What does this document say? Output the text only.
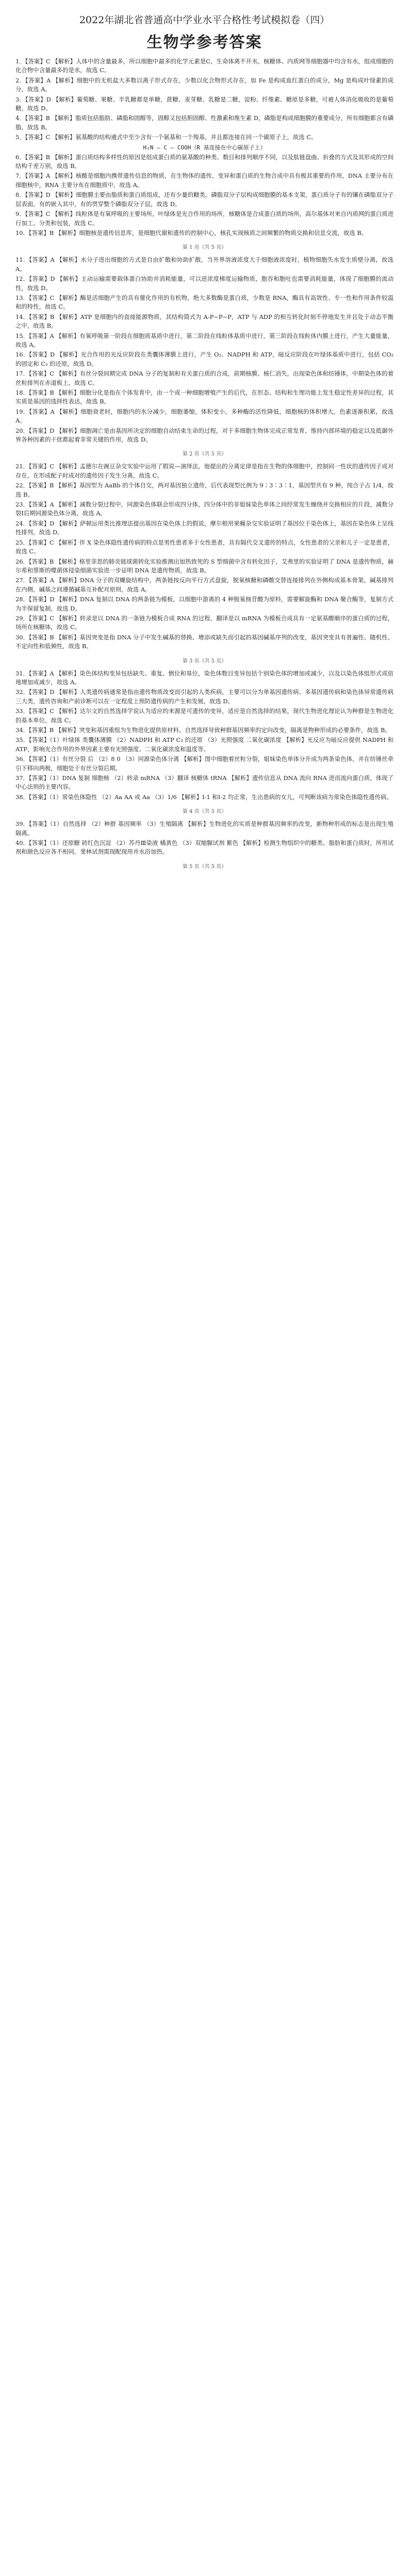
2022年湖北省普通高中学业水平合格性考试模拟卷（四）
生物学参考答案

1．【答案】C 【解析】人体中的含量最多，所以细胞中最多的化学元素是C，生命体离不开水，核糖体、内质网等细胞器中均含有水，组成细胞的化合物中含量最多的是水，故选 C。

2．【答案】A 【解析】细胞中的无机盐大多数以离子形式存在，少数以化合物形式存在，如 Fe 是构成血红蛋白的成分，Mg 是构成叶绿素的成分，故选 A。

3．【答案】D 【解析】葡萄糖、果糖、半乳糖都是单糖，蔗糖、麦芽糖、乳糖是二糖，淀粉、纤维素、糖原是多糖，可被人体消化吸收的是葡萄糖，故选 D。

4．【答案】B 【解析】脂质包括脂肪、磷脂和固醇等，固醇又包括胆固醇、性激素和维生素 D，磷脂是构成细胞膜的重要成分，所有细胞都含有磷脂，故选 B。

5．【答案】C 【解析】氨基酸的结构通式中至少含有一个氨基和一个羧基，并且都连接在同一个碳原子上，故选 C。

H₂N — C — COOH（R 基连接在中心碳原子上）

6．【答案】B 【解析】蛋白质结构多样性的原因是组成蛋白质的氨基酸的种类、数目和排列顺序不同，以及肽链盘曲、折叠的方式及其形成的空间结构千差万别，故选 B。

7．【答案】A 【解析】核酸是细胞内携带遗传信息的物质，在生物体的遗传、变异和蛋白质的生物合成中具有极其重要的作用，DNA 主要分布在细胞核中，RNA 主要分布在细胞质中，故选 A。

8．【答案】D 【解析】细胞膜主要由脂质和蛋白质组成，还有少量的糖类，磷脂双分子层构成细胞膜的基本支架，蛋白质分子有的镶在磷脂双分子层表面，有的嵌入其中，有的贯穿整个磷脂双分子层，故选 D。

9．【答案】C 【解析】线粒体是有氧呼吸的主要场所，叶绿体是光合作用的场所，核糖体是合成蛋白质的场所，高尔基体对来自内质网的蛋白质进行加工、分类和包装，故选 C。

10．【答案】B 【解析】细胞核是遗传信息库，是细胞代谢和遗传的控制中心，核孔实现核质之间频繁的物质交换和信息交流，故选 B。

第 1 页（共 5 页）

11．【答案】A 【解析】水分子进出细胞的方式是自由扩散和协助扩散，当外界溶液浓度大于细胞液浓度时，植物细胞失水发生质壁分离，故选 A。

12．【答案】D 【解析】主动运输需要载体蛋白协助并消耗能量，可以逆浓度梯度运输物质，胞吞和胞吐也需要消耗能量，体现了细胞膜的流动性，故选 D。

13．【答案】C 【解析】酶是活细胞产生的具有催化作用的有机物，绝大多数酶是蛋白质，少数是 RNA，酶具有高效性、专一性和作用条件较温和的特性，故选 C。

14．【答案】B 【解析】ATP 是细胞内的直接能源物质，其结构简式为 A-P~P~P，ATP 与 ADP 的相互转化时刻不停地发生并且处于动态平衡之中，故选 B。

15．【答案】A 【解析】有氧呼吸第一阶段在细胞质基质中进行，第二阶段在线粒体基质中进行，第三阶段在线粒体内膜上进行，产生大量能量，故选 A。

16．【答案】D 【解析】光合作用的光反应阶段在类囊体薄膜上进行，产生 O₂、NADPH 和 ATP，暗反应阶段在叶绿体基质中进行，包括 CO₂ 的固定和 C₃ 的还原，故选 D。

17．【答案】C 【解析】有丝分裂间期完成 DNA 分子的复制和有关蛋白质的合成，前期核膜、核仁消失，出现染色体和纺锤体，中期染色体的着丝粒排列在赤道板上，故选 C。

18．【答案】B 【解析】细胞分化是指在个体发育中，由一个或一种细胞增殖产生的后代，在形态、结构和生理功能上发生稳定性差异的过程，其实质是基因的选择性表达，故选 B。

19．【答案】A 【解析】细胞衰老时，细胞内的水分减少，细胞萎缩，体积变小，多种酶的活性降低，细胞核的体积增大，色素逐渐积累，故选 A。

20．【答案】D 【解析】细胞凋亡是由基因所决定的细胞自动结束生命的过程，对于多细胞生物体完成正常发育、维持内部环境的稳定以及抵御外界各种因素的干扰都起着非常关键的作用，故选 D。

第 2 页（共 5 页）

21．【答案】C 【解析】孟德尔在豌豆杂交实验中运用了假说—演绎法，他提出的分离定律是指在生物的体细胞中，控制同一性状的遗传因子成对存在，在形成配子时成对的遗传因子发生分离，故选 C。

22．【答案】B 【解析】基因型为 AaBb 的个体自交，两对基因独立遗传，后代表现型比例为 9∶3∶3∶1，基因型共有 9 种，纯合子占 1/4，故选 B。

23．【答案】A 【解析】减数分裂过程中，同源染色体联会形成四分体，四分体中的非姐妹染色单体之间经常发生缠绕并交换相应的片段，减数分裂Ⅰ后期同源染色体分离，故选 A。

24．【答案】D 【解析】萨顿运用类比推理法提出基因在染色体上的假说，摩尔根用果蝇杂交实验证明了基因位于染色体上，基因在染色体上呈线性排列，故选 D。

25．【答案】C 【解析】伴 X 染色体隐性遗传病的特点是男性患者多于女性患者，具有隔代交叉遗传的特点，女性患者的父亲和儿子一定是患者，故选 C。

26．【答案】B 【解析】格里菲思的肺炎链球菌转化实验推测出加热致死的 S 型细菌中含有转化因子，艾弗里的实验证明了 DNA 是遗传物质，赫尔希和蔡斯的噬菌体侵染细菌实验进一步证明 DNA 是遗传物质，故选 B。

27．【答案】A 【解析】DNA 分子的双螺旋结构中，两条链按反向平行方式盘旋，脱氧核糖和磷酸交替连接排列在外侧构成基本骨架，碱基排列在内侧，碱基之间遵循碱基互补配对原则，故选 A。

28．【答案】D 【解析】DNA 复制以 DNA 的两条链为模板，以细胞中游离的 4 种脱氧核苷酸为原料，需要解旋酶和 DNA 聚合酶等，复制方式为半保留复制，故选 D。

29．【答案】C 【解析】转录是以 DNA 的一条链为模板合成 RNA 的过程，翻译是以 mRNA 为模板合成具有一定氨基酸顺序的蛋白质的过程，场所在核糖体，故选 C。

30．【答案】B 【解析】基因突变是指 DNA 分子中发生碱基的替换、增添或缺失而引起的基因碱基序列的改变，基因突变具有普遍性、随机性、不定向性和低频性，故选 B。

第 3 页（共 5 页）

31．【答案】A 【解析】染色体结构变异包括缺失、重复、倒位和易位，染色体数目变异包括个别染色体的增加或减少，以及以染色体组形式成倍地增加或减少，故选 A。

32．【答案】D 【解析】人类遗传病通常是指由遗传物质改变而引起的人类疾病，主要可以分为单基因遗传病、多基因遗传病和染色体异常遗传病三大类，遗传咨询和产前诊断可以在一定程度上预防遗传病的产生和发展，故选 D。

33．【答案】C 【解析】达尔文的自然选择学说认为适应的来源是可遗传的变异，适应是自然选择的结果，现代生物进化理论认为种群是生物进化的基本单位，故选 C。

34．【答案】B 【解析】突变和基因重组为生物进化提供原材料，自然选择导致种群基因频率的定向改变，隔离是物种形成的必要条件，故选 B。

35．【答案】（1）叶绿体 类囊体薄膜 （2）NADPH 和 ATP C₃ 的还原 （3）光照强度 二氧化碳浓度 【解析】光反应为暗反应提供 NADPH 和 ATP，影响光合作用的外界因素主要有光照强度、二氧化碳浓度和温度等。

36．【答案】（1）有丝分裂 后 （2）8 0 （3）同源染色体分离 【解析】图中细胞着丝粒分裂，姐妹染色单体分开成为两条染色体，并在纺锤丝牵引下移向两极，细胞处于有丝分裂后期。

37．【答案】（1）DNA 复制 细胞核 （2）转录 mRNA （3）翻译 核糖体 tRNA 【解析】遗传信息从 DNA 流向 RNA 进而流向蛋白质，体现了中心法则的主要内容。

38．【答案】（1）常染色体隐性 （2）Aa AA 或 Aa （3）1/6 【解析】Ⅰ-1 和Ⅰ-2 均正常，生出患病的女儿，可判断该病为常染色体隐性遗传病。

第 4 页（共 5 页）

39．【答案】（1）自然选择 （2）种群 基因频率 （3）生殖隔离 【解析】生物进化的实质是种群基因频率的改变，新物种形成的标志是出现生殖隔离。

40．【答案】（1）还原糖 砖红色沉淀 （2）苏丹Ⅲ染液 橘黄色 （3）双缩脲试剂 紫色 【解析】检测生物组织中的糖类、脂肪和蛋白质时，所用试剂和颜色反应各不相同，斐林试剂需现配现用并水浴加热。

第 5 页（共 5 页）
